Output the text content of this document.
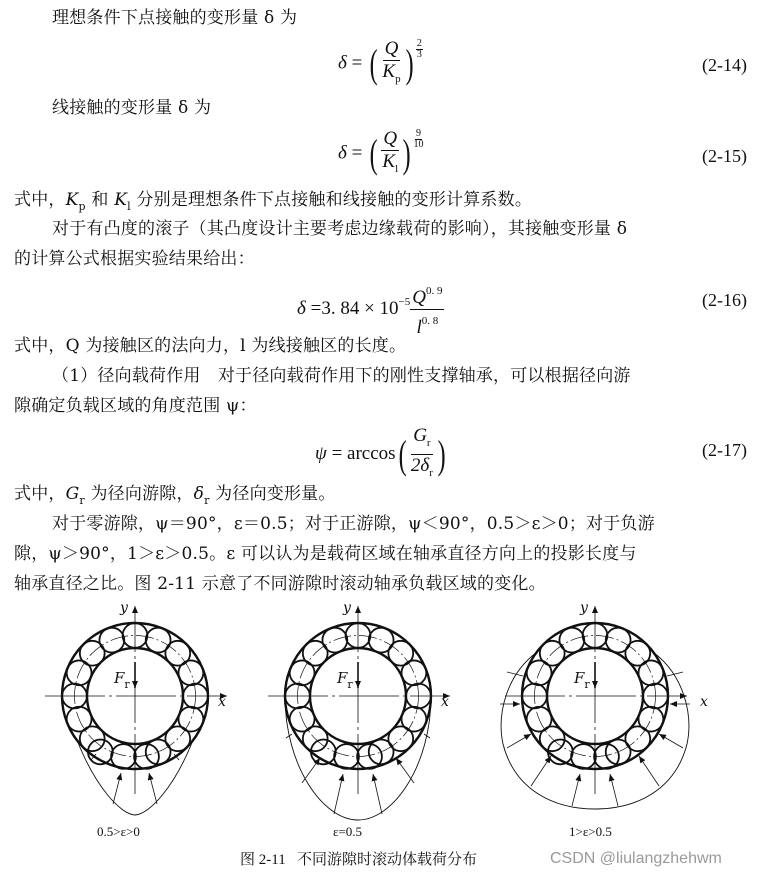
理想条件下点接触的变形量 δ 为
δ = ( $\frac{Q}{K_p}$ ) $\frac{2}{3}$
(2-14)
线接触的变形量 δ 为
δ = ( $\frac{Q}{K_l}$ ) $\frac{9}{10}$
(2-15)
式中，$K_p$ 和 $K_l$ 分别是理想条件下点接触和线接触的变形计算系数。
对于有凸度的滚子（其凸度设计主要考虑边缘载荷的影响），其接触变形量 δ
的计算公式根据实验结果给出：
δ =3. $84 \times 10^{-5} \frac{Q^{0. 9}}{l^{0. 8}}$	(2-16)
式中，Q 为接触区的法向力，l 为线接触区的长度。
（1）径向载荷作用　对于径向载荷作用下的刚性支撑轴承，可以根据径向游
隙确定负载区域的角度范围 ψ：
$\psi = \arccos( \frac{G_r}{2\delta_r}$ )	(2-17)
式中，$G_r$ 为径向游隙，$\delta_r$ 为径向变形量。
对于零游隙，ψ＝90°，ε＝0.5；对于正游隙，ψ＜90°，0.5＞ε＞0；对于负游
隙，ψ＞90°，1＞ε＞0.5。ε 可以认为是载荷区域在轴承直径方向上的投影长度与
轴承直径之比。图 2-11 示意了不同游隙时滚动轴承负载区域的变化。
y
x
$F_r$
y
x
$F_r$
y
x
$F_r$
0.5>ε>0	ε=0.5	1>ε>0.5
图 2-11 不同游隙时滚动体载荷分布	CSDN @liulangzhehwm
